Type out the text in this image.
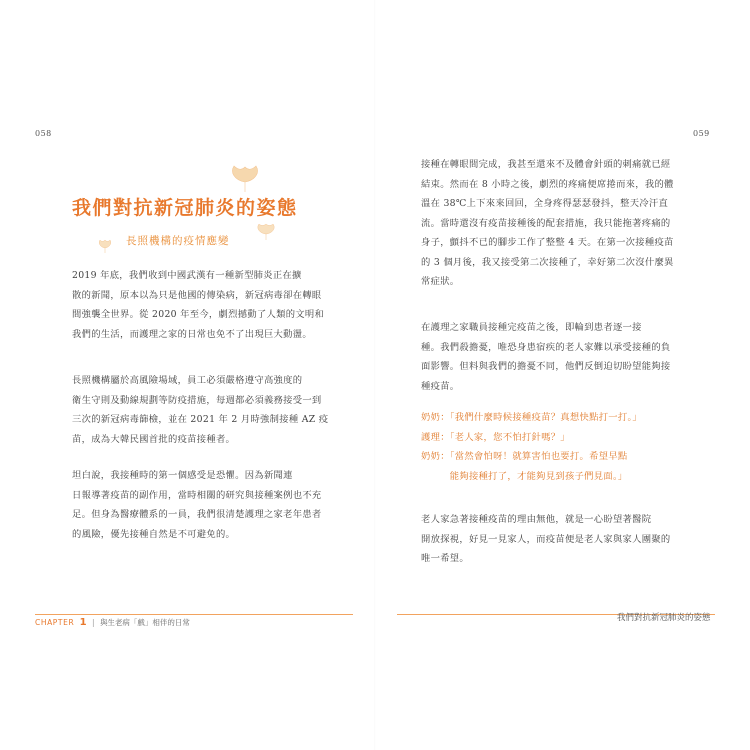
058	059
我們對抗新冠肺炎的姿態
長照機構的疫情應變
2019 年底，我們收到中國武漢有一種新型肺炎正在擴
散的新聞，原本以為只是他國的傳染病，新冠病毒卻在轉眼
間強襲全世界。從 2020 年至今，劇烈撼動了人類的文明和
我們的生活，而護理之家的日常也免不了出現巨大動盪。
長照機構屬於高風險場域，員工必須嚴格遵守高強度的
衛生守則及動線規劃等防疫措施，每週都必須義務接受一到
三次的新冠病毒篩檢，並在 2021 年 2 月時強制接種 AZ 疫
苗，成為大韓民國首批的疫苗接種者。
坦白說，我接種時的第一個感受是恐懼。因為新聞連
日報導著疫苗的副作用，當時相關的研究與接種案例也不充
足。但身為醫療體系的一員，我們很清楚護理之家老年患者
的風險，優先接種自然是不可避免的。
接種在轉眼間完成，我甚至還來不及體會針頭的刺痛就已經
結束。然而在 8 小時之後，劇烈的疼痛便席捲而來，我的體
溫在 38℃上下來來回回，全身疼得瑟瑟發抖，整天冷汗直
流。當時還沒有疫苗接種後的配套措施，我只能拖著疼痛的
身子，顫抖不已的腳步工作了整整 4 天。在第一次接種疫苗
的 3 個月後，我又接受第二次接種了，幸好第二次沒什麼異
常症狀。
在護理之家職員接種完疫苗之後，即輪到患者逐一接
種。我們殺擔憂，唯恐身患宿疾的老人家難以承受接種的負
面影響。但料與我們的擔憂不同，他們反倒迫切盼望能夠接
種疫苗。
奶奶：「我們什麼時候接種疫苗？真想快點打一打。」
護理：「老人家，您不怕打針嗎？」
奶奶：「當然會怕呀！就算害怕也要打。希望早點
　　　能夠接種打了，才能夠見到孩子們見面。」
老人家急著接種疫苗的理由無他，就是一心盼望著醫院
開放探視，好見一見家人，而疫苗便是老人家與家人團聚的
唯一希望。
CHAPTER 1 | 與生老病「戲」相伴的日常	我們對抗新冠肺炎的姿態
